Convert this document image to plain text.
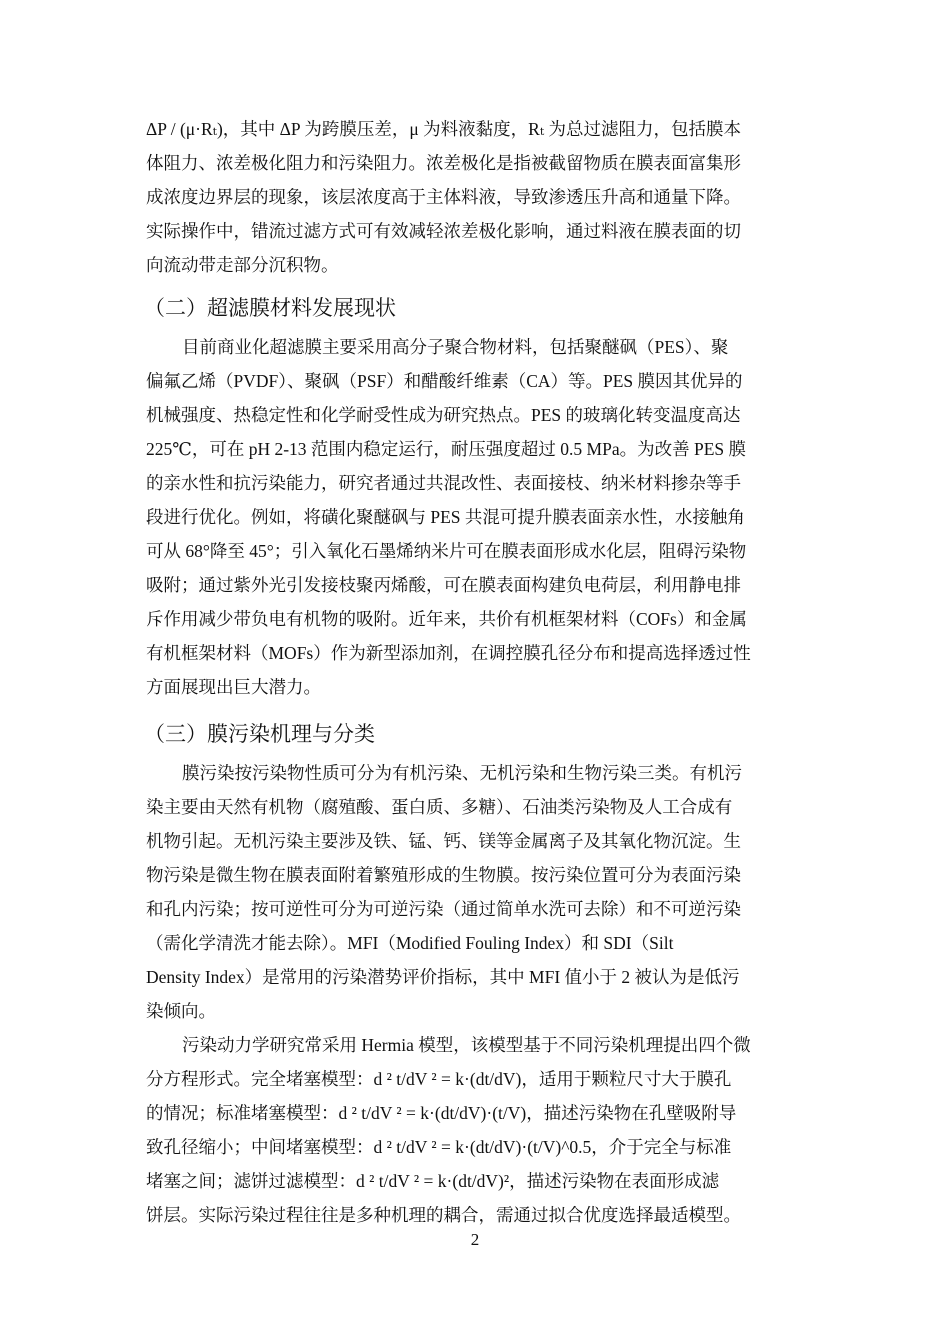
ΔP / (μ·Rₜ)，其中 ΔP 为跨膜压差，μ 为料液黏度，Rₜ 为总过滤阻力，包括膜本
体阻力、浓差极化阻力和污染阻力。浓差极化是指被截留物质在膜表面富集形
成浓度边界层的现象，该层浓度高于主体料液，导致渗透压升高和通量下降。
实际操作中，错流过滤方式可有效减轻浓差极化影响，通过料液在膜表面的切
向流动带走部分沉积物。
（二）超滤膜材料发展现状
目前商业化超滤膜主要采用高分子聚合物材料，包括聚醚砜（PES）、聚
偏氟乙烯（PVDF）、聚砜（PSF）和醋酸纤维素（CA）等。PES 膜因其优异的
机械强度、热稳定性和化学耐受性成为研究热点。PES 的玻璃化转变温度高达
225℃，可在 pH 2-13 范围内稳定运行，耐压强度超过 0.5 MPa。为改善 PES 膜
的亲水性和抗污染能力，研究者通过共混改性、表面接枝、纳米材料掺杂等手
段进行优化。例如，将磺化聚醚砜与 PES 共混可提升膜表面亲水性，水接触角
可从 68°降至 45°；引入氧化石墨烯纳米片可在膜表面形成水化层，阻碍污染物
吸附；通过紫外光引发接枝聚丙烯酸，可在膜表面构建负电荷层，利用静电排
斥作用减少带负电有机物的吸附。近年来，共价有机框架材料（COFs）和金属
有机框架材料（MOFs）作为新型添加剂，在调控膜孔径分布和提高选择透过性
方面展现出巨大潜力。
（三）膜污染机理与分类
膜污染按污染物性质可分为有机污染、无机污染和生物污染三类。有机污
染主要由天然有机物（腐殖酸、蛋白质、多糖）、石油类污染物及人工合成有
机物引起。无机污染主要涉及铁、锰、钙、镁等金属离子及其氧化物沉淀。生
物污染是微生物在膜表面附着繁殖形成的生物膜。按污染位置可分为表面污染
和孔内污染；按可逆性可分为可逆污染（通过简单水洗可去除）和不可逆污染
（需化学清洗才能去除）。MFI（Modified Fouling Index）和 SDI（Silt
Density Index）是常用的污染潜势评价指标，其中 MFI 值小于 2 被认为是低污
染倾向。
污染动力学研究常采用 Hermia 模型，该模型基于不同污染机理提出四个微
分方程形式。完全堵塞模型：d ² t/dV ² = k·(dt/dV)，适用于颗粒尺寸大于膜孔
的情况；标准堵塞模型：d ² t/dV ² = k·(dt/dV)·(t/V)，描述污染物在孔壁吸附导
致孔径缩小；中间堵塞模型：d ² t/dV ² = k·(dt/dV)·(t/V)^0.5，介于完全与标准
堵塞之间；滤饼过滤模型：d ² t/dV ² = k·(dt/dV)²，描述污染物在表面形成滤
饼层。实际污染过程往往是多种机理的耦合，需通过拟合优度选择最适模型。
2
